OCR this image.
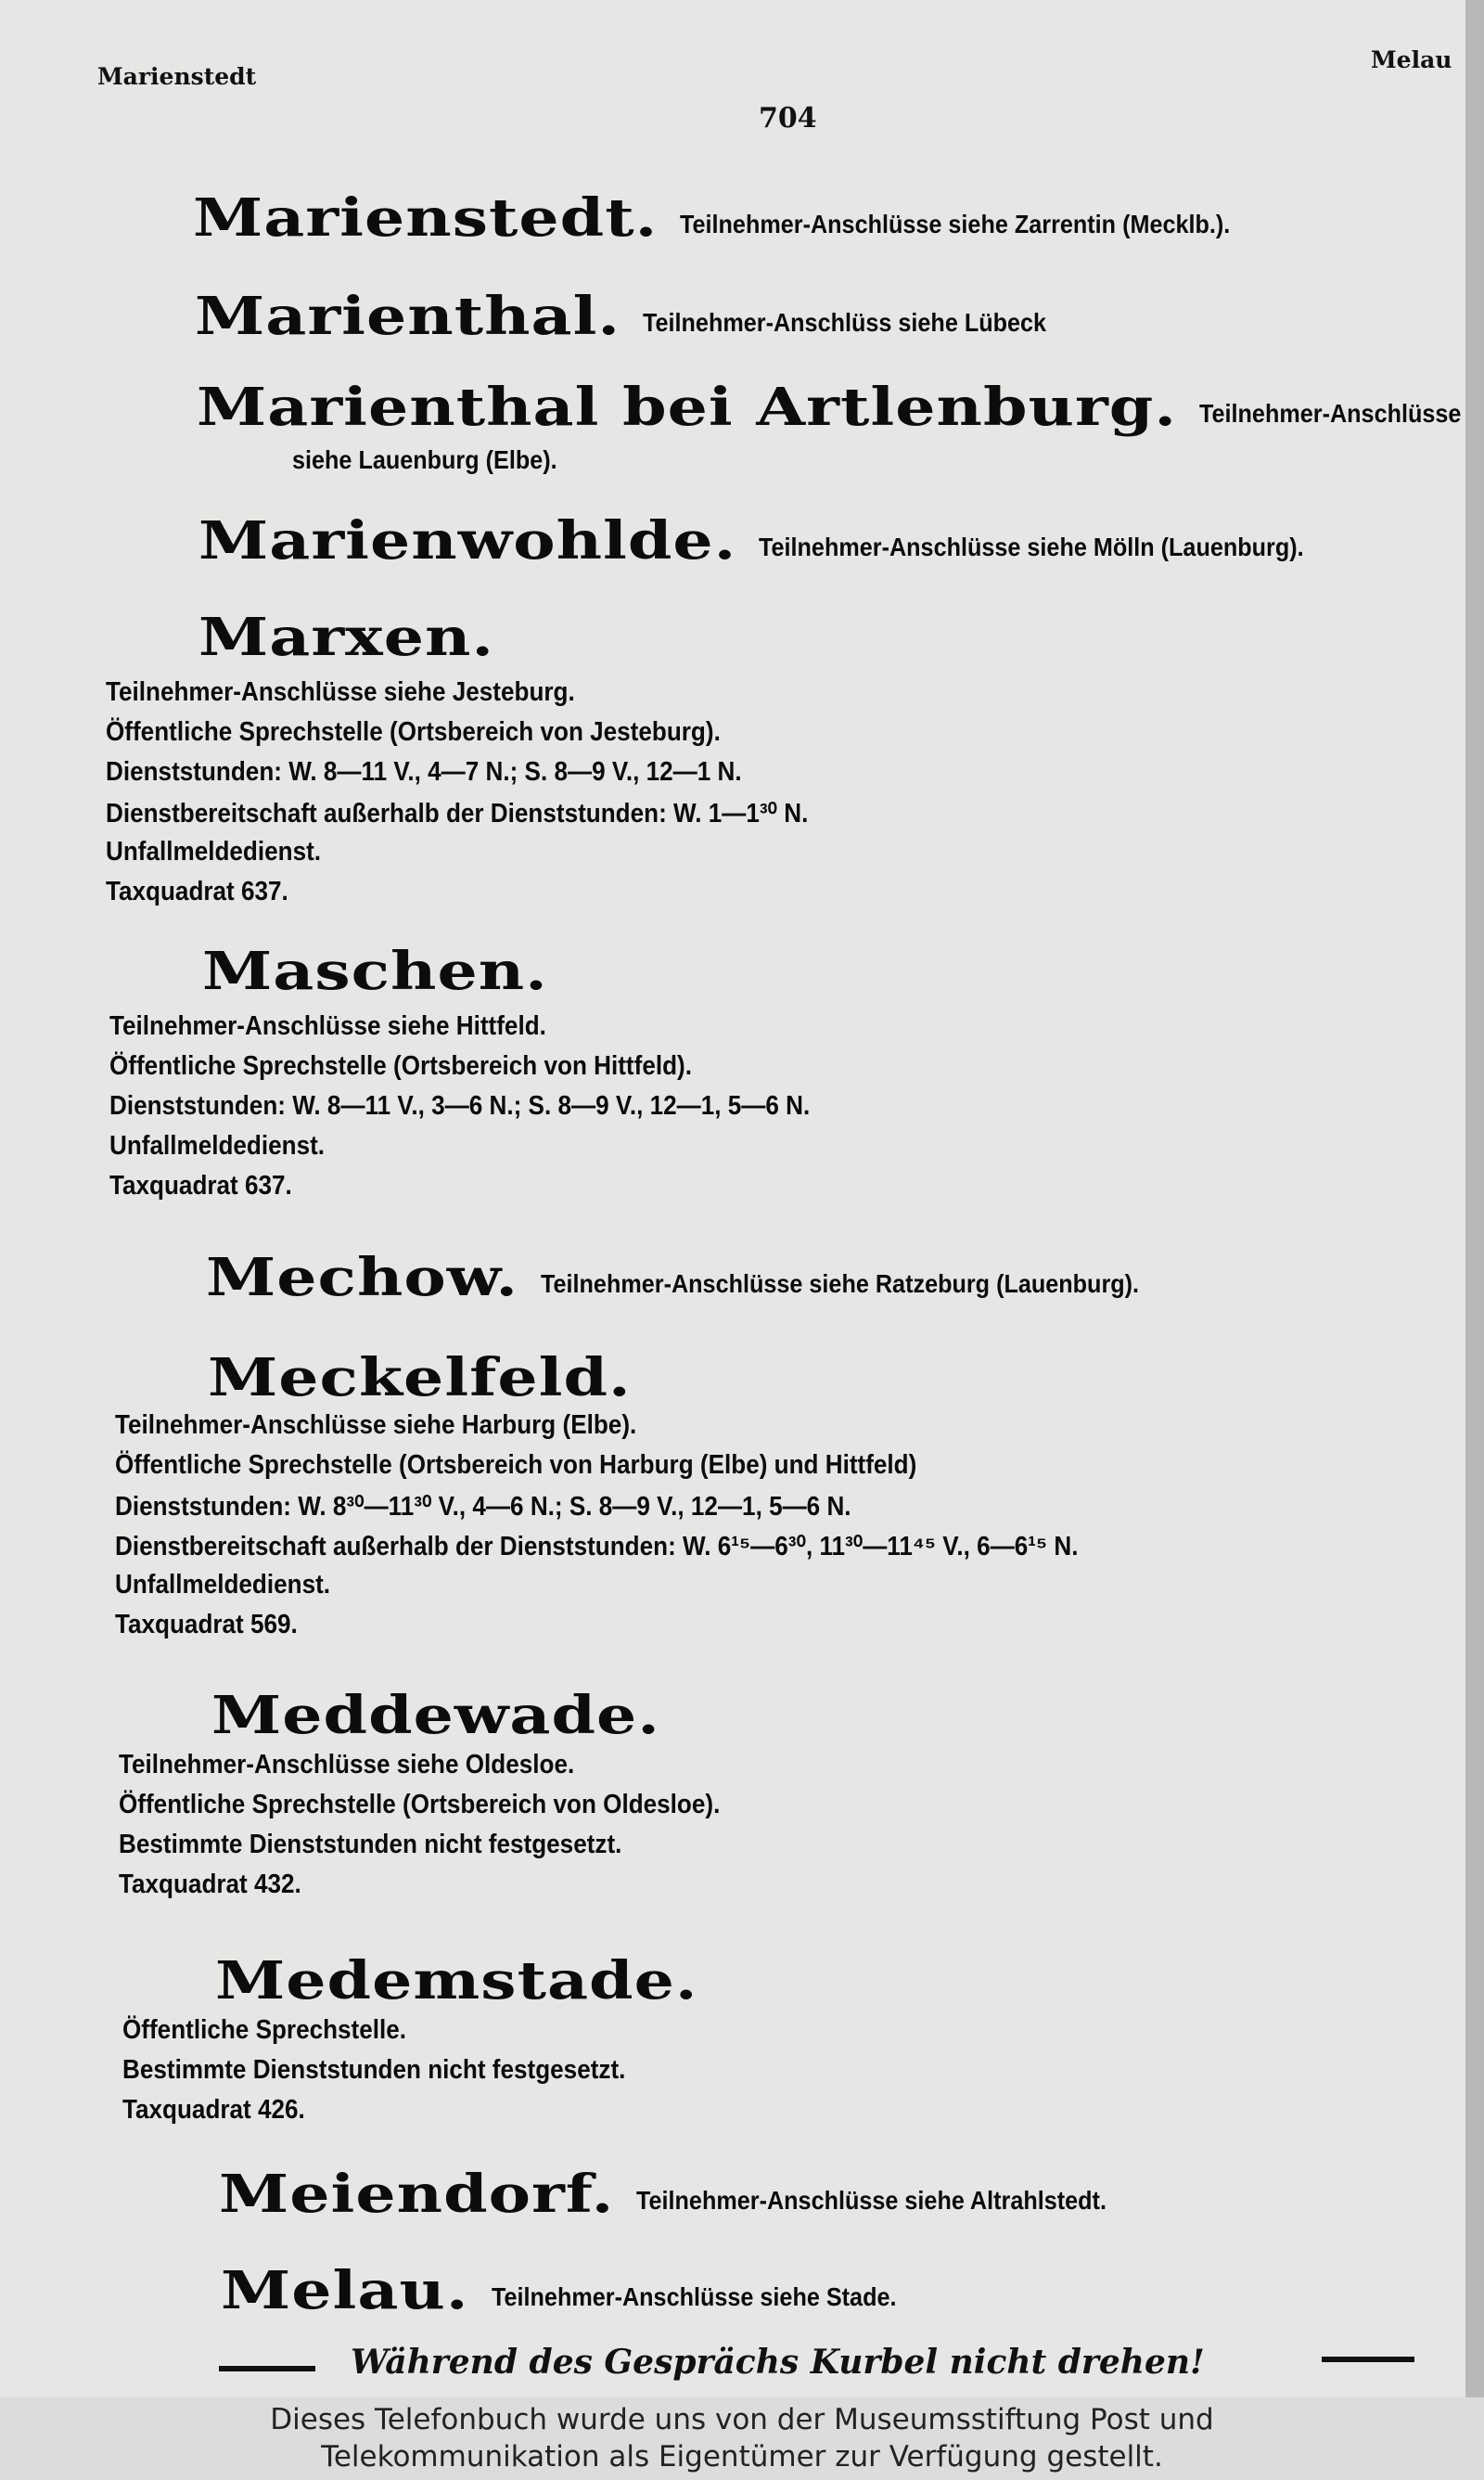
Marienstedt
Melau
704
Marienstedt. Teilnehmer-Anschlüsse siehe Zarrentin (Mecklb.).
Marienthal. Teilnehmer-Anschlüss siehe Lübeck
Marienthal bei Artlenburg. Teilnehmer-Anschlüsse
siehe Lauenburg (Elbe).
Marienwohlde. Teilnehmer-Anschlüsse siehe Mölln (Lauenburg).
Marxen.
Teilnehmer-Anschlüsse siehe Jesteburg.
Öffentliche Sprechstelle (Ortsbereich von Jesteburg).
Dienststunden: W. 8—11 V., 4—7 N.; S. 8—9 V., 12—1 N.
Dienstbereitschaft außerhalb der Dienststunden: W. 1—1³⁰ N.
Unfallmeldedienst.
Taxquadrat 637.
Maschen.
Teilnehmer-Anschlüsse siehe Hittfeld.
Öffentliche Sprechstelle (Ortsbereich von Hittfeld).
Dienststunden: W. 8—11 V., 3—6 N.; S. 8—9 V., 12—1, 5—6 N.
Unfallmeldedienst.
Taxquadrat 637.
Mechow. Teilnehmer-Anschlüsse siehe Ratzeburg (Lauenburg).
Meckelfeld.
Teilnehmer-Anschlüsse siehe Harburg (Elbe).
Öffentliche Sprechstelle (Ortsbereich von Harburg (Elbe) und Hittfeld)
Dienststunden: W. 8³⁰—11³⁰ V., 4—6 N.; S. 8—9 V., 12—1, 5—6 N.
Dienstbereitschaft außerhalb der Dienststunden: W. 6¹⁵—6³⁰, 11³⁰—11⁴⁵ V., 6—6¹⁵ N.
Unfallmeldedienst.
Taxquadrat 569.
Meddewade.
Teilnehmer-Anschlüsse siehe Oldesloe.
Öffentliche Sprechstelle (Ortsbereich von Oldesloe).
Bestimmte Dienststunden nicht festgesetzt.
Taxquadrat 432.
Medemstade.
Öffentliche Sprechstelle.
Bestimmte Dienststunden nicht festgesetzt.
Taxquadrat 426.
Meiendorf. Teilnehmer-Anschlüsse siehe Altrahlstedt.
Melau. Teilnehmer-Anschlüsse siehe Stade.
Während des Gesprächs Kurbel nicht drehen!
Dieses Telefonbuch wurde uns von der Museumsstiftung Post und
Telekommunikation als Eigentümer zur Verfügung gestellt.
